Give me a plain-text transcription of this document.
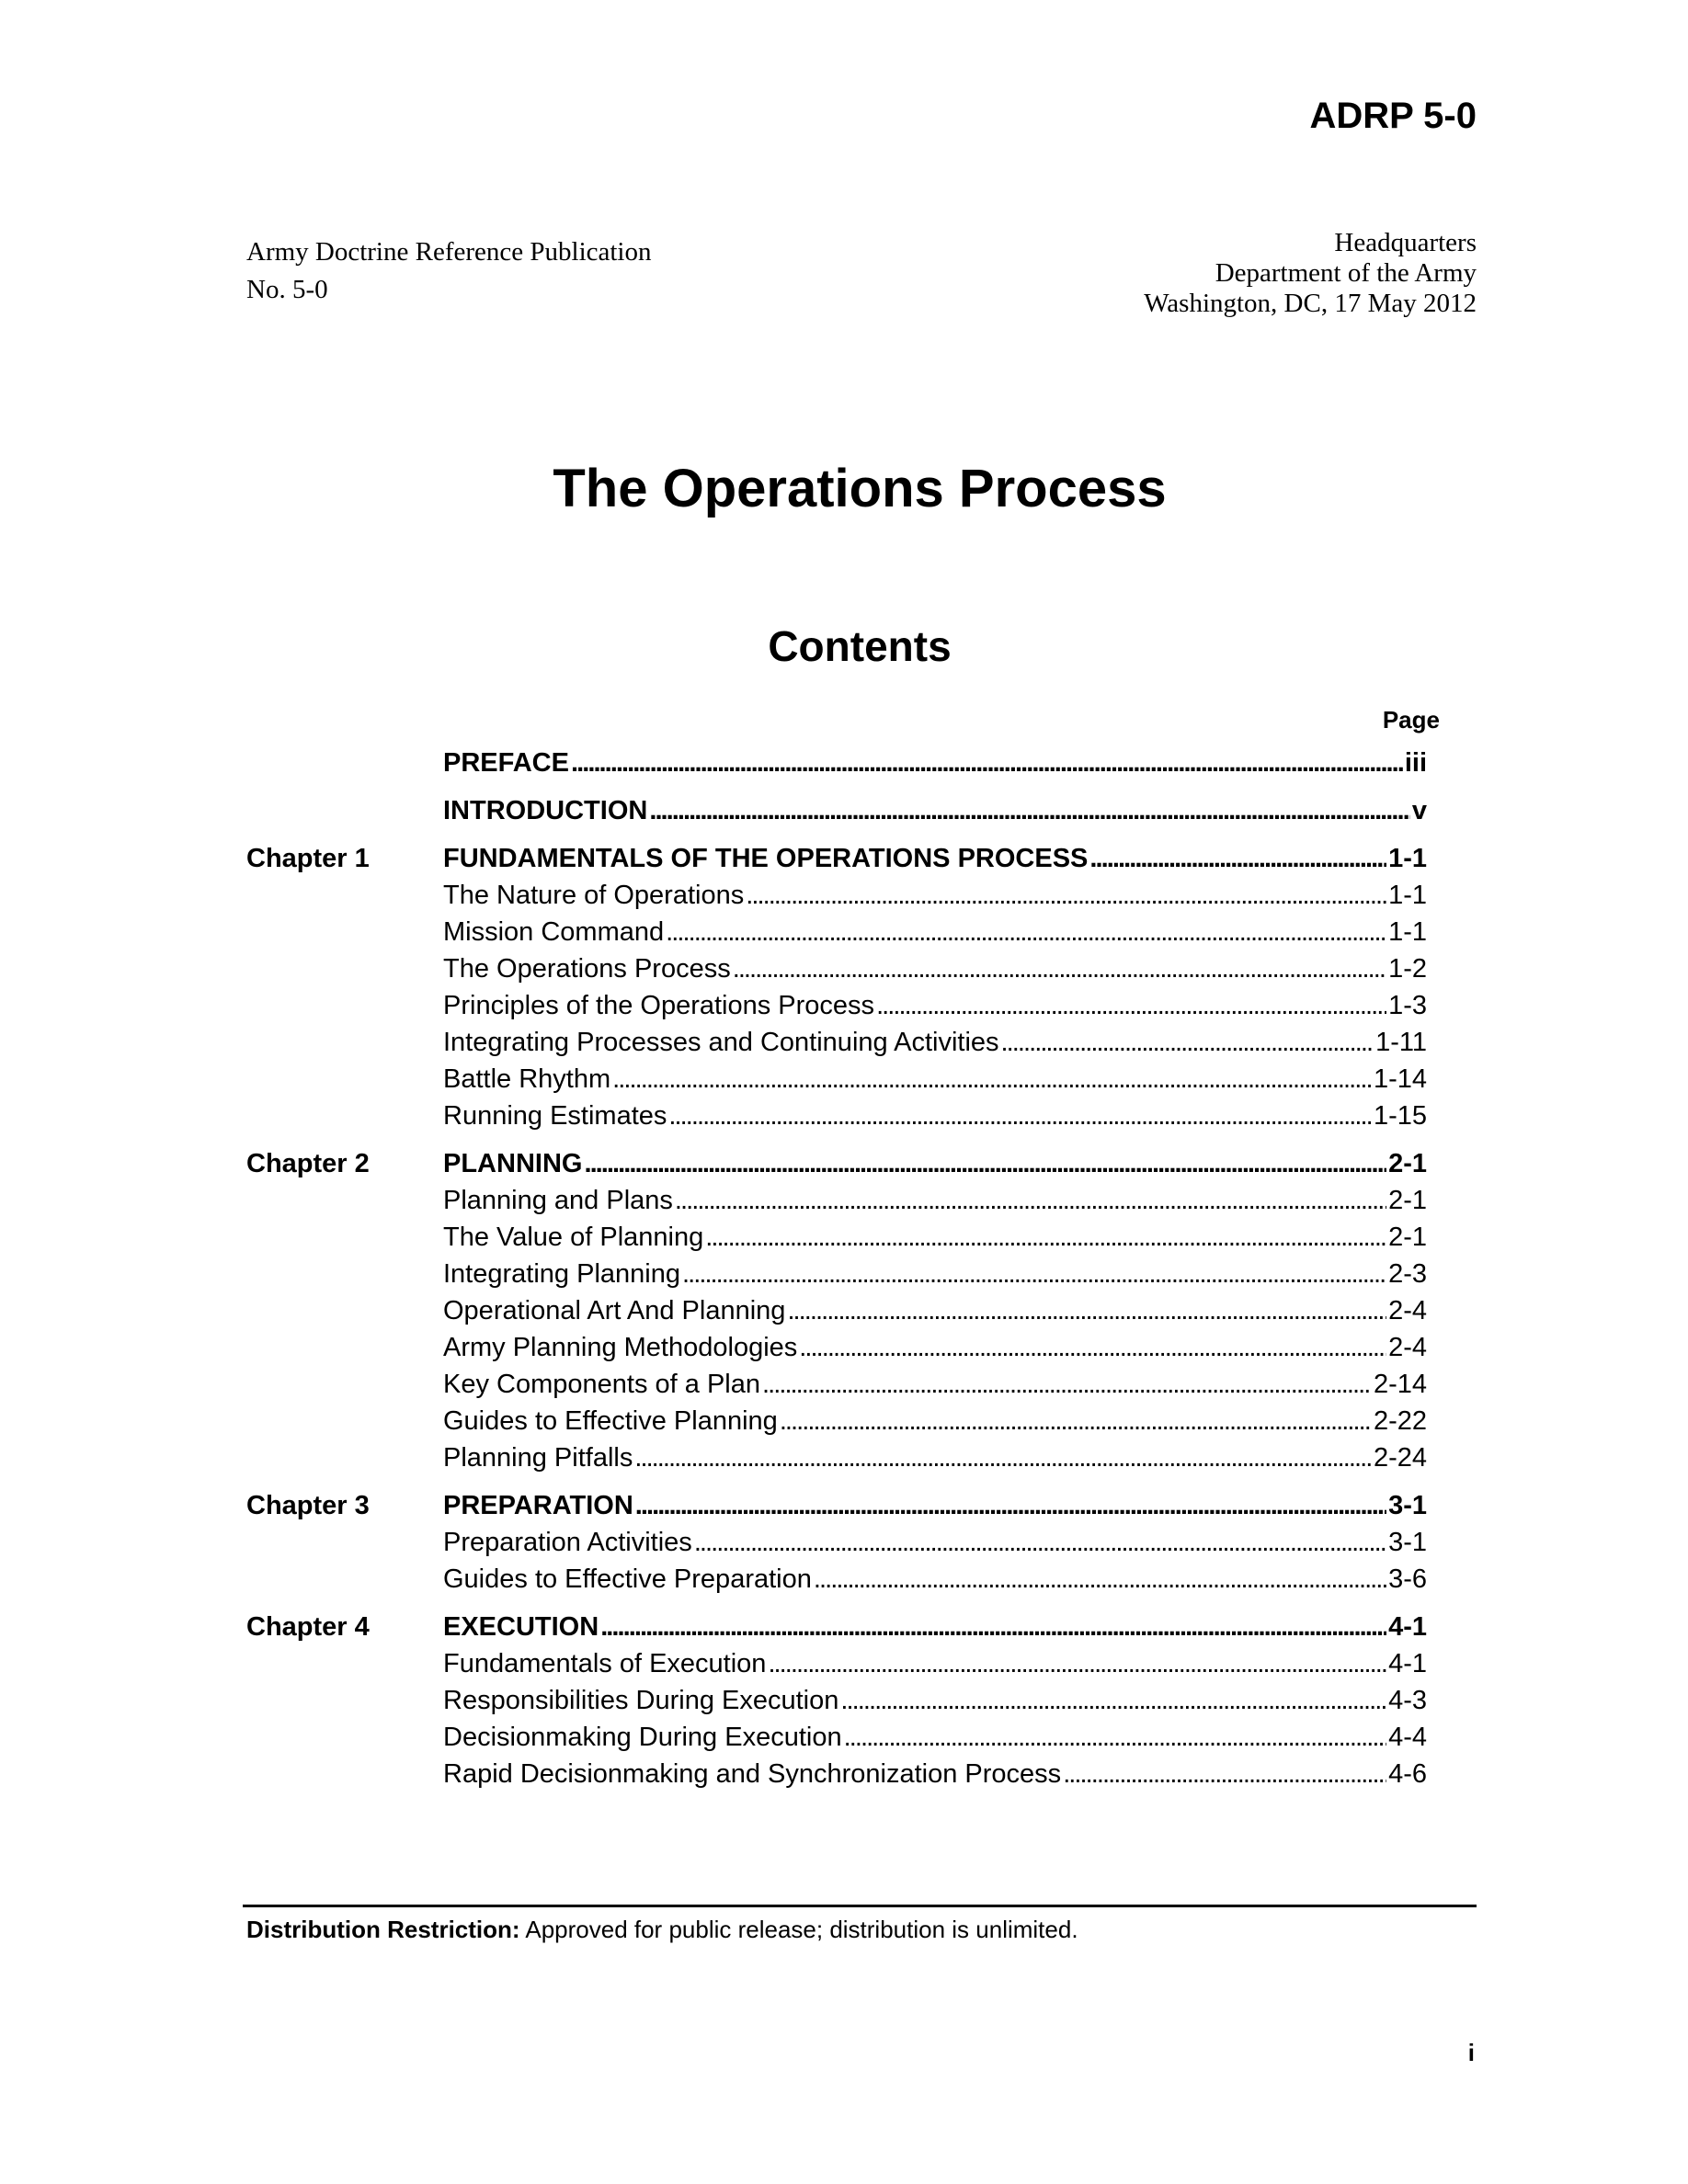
ADRP 5-0
Army Doctrine Reference Publication
No. 5-0
Headquarters
Department of the Army
Washington, DC, 17 May 2012
The Operations Process
Contents
Page
PREFACE . . .	iii
INTRODUCTION . . .	v
Chapter 1	FUNDAMENTALS OF THE OPERATIONS PROCESS . . .	1-1
The Nature of Operations . . .	1-1
Mission Command . . .	1-1
The Operations Process . . .	1-2
Principles of the Operations Process . . .	1-3
Integrating Processes and Continuing Activities . . .	1-11
Battle Rhythm . . .	1-14
Running Estimates . . .	1-15
Chapter 2	PLANNING . . .	2-1
Planning and Plans . . .	2-1
The Value of Planning . . .	2-1
Integrating Planning . . .	2-3
Operational Art And Planning . . .	2-4
Army Planning Methodologies . . .	2-4
Key Components of a Plan . . .	2-14
Guides to Effective Planning . . .	2-22
Planning Pitfalls . . .	2-24
Chapter 3	PREPARATION . . .	3-1
Preparation Activities . . .	3-1
Guides to Effective Preparation . . .	3-6
Chapter 4	EXECUTION . . .	4-1
Fundamentals of Execution . . .	4-1
Responsibilities During Execution . . .	4-3
Decisionmaking During Execution . . .	4-4
Rapid Decisionmaking and Synchronization Process . . .	4-6
Distribution Restriction: Approved for public release; distribution is unlimited.
i
